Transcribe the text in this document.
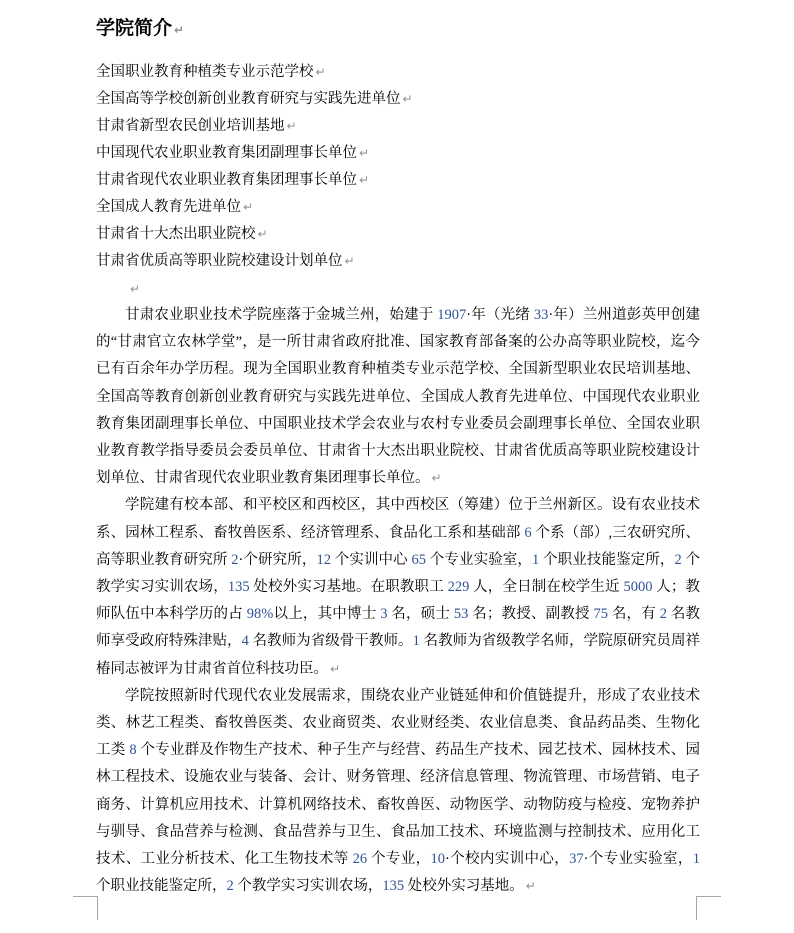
学院简介 ↵
全国职业教育种植类专业示范学校 ↵
全国高等学校创新创业教育研究与实践先进单位 ↵
甘肃省新型农民创业培训基地 ↵
中国现代农业职业教育集团副理事长单位 ↵
甘肃省现代农业职业教育集团理事长单位 ↵
全国成人教育先进单位 ↵
甘肃省十大杰出职业院校 ↵
甘肃省优质高等职业院校建设计划单位 ↵
↵

甘肃农业职业技术学院座落于金城兰州，始建于 1907·年（光绪 33·年）兰州道彭英甲创建的“甘肃官立农林学堂”，是一所甘肃省政府批准、国家教育部备案的公办高等职业院校，迄今已有百余年办学历程。现为全国职业教育种植类专业示范学校、全国新型职业农民培训基地、全国高等教育创新创业教育研究与实践先进单位、全国成人教育先进单位、中国现代农业职业教育集团副理事长单位、中国职业技术学会农业与农村专业委员会副理事长单位、全国农业职业教育教学指导委员会委员单位、甘肃省十大杰出职业院校、甘肃省优质高等职业院校建设计划单位、甘肃省现代农业职业教育集团理事长单位。 ↵

学院建有校本部、和平校区和西校区，其中西校区（筹建）位于兰州新区。设有农业技术系、园林工程系、畜牧兽医系、经济管理系、食品化工系和基础部 6 个系（部）,三农研究所、高等职业教育研究所 2·个研究所，12 个实训中心 65 个专业实验室，1 个职业技能鉴定所，2 个教学实习实训农场，135 处校外实习基地。在职教职工 229 人，全日制在校学生近 5000 人；教师队伍中本科学历的占 98%以上，其中博士 3 名，硕士 53 名；教授、副教授 75 名，有 2 名教师享受政府特殊津贴，4 名教师为省级骨干教师。1 名教师为省级教学名师，学院原研究员周祥椿同志被评为甘肃省首位科技功臣。 ↵

学院按照新时代现代农业发展需求，围绕农业产业链延伸和价值链提升，形成了农业技术类、林艺工程类、畜牧兽医类、农业商贸类、农业财经类、农业信息类、食品药品类、生物化工类 8 个专业群及作物生产技术、种子生产与经营、药品生产技术、园艺技术、园林技术、园林工程技术、设施农业与装备、会计、财务管理、经济信息管理、物流管理、市场营销、电子商务、计算机应用技术、计算机网络技术、畜牧兽医、动物医学、动物防疫与检疫、宠物养护与驯导、食品营养与检测、食品营养与卫生、食品加工技术、环境监测与控制技术、应用化工技术、工业分析技术、化工生物技术等 26 个专业，10·个校内实训中心，37·个专业实验室，1 个职业技能鉴定所，2 个教学实习实训农场，135 处校外实习基地。 ↵
